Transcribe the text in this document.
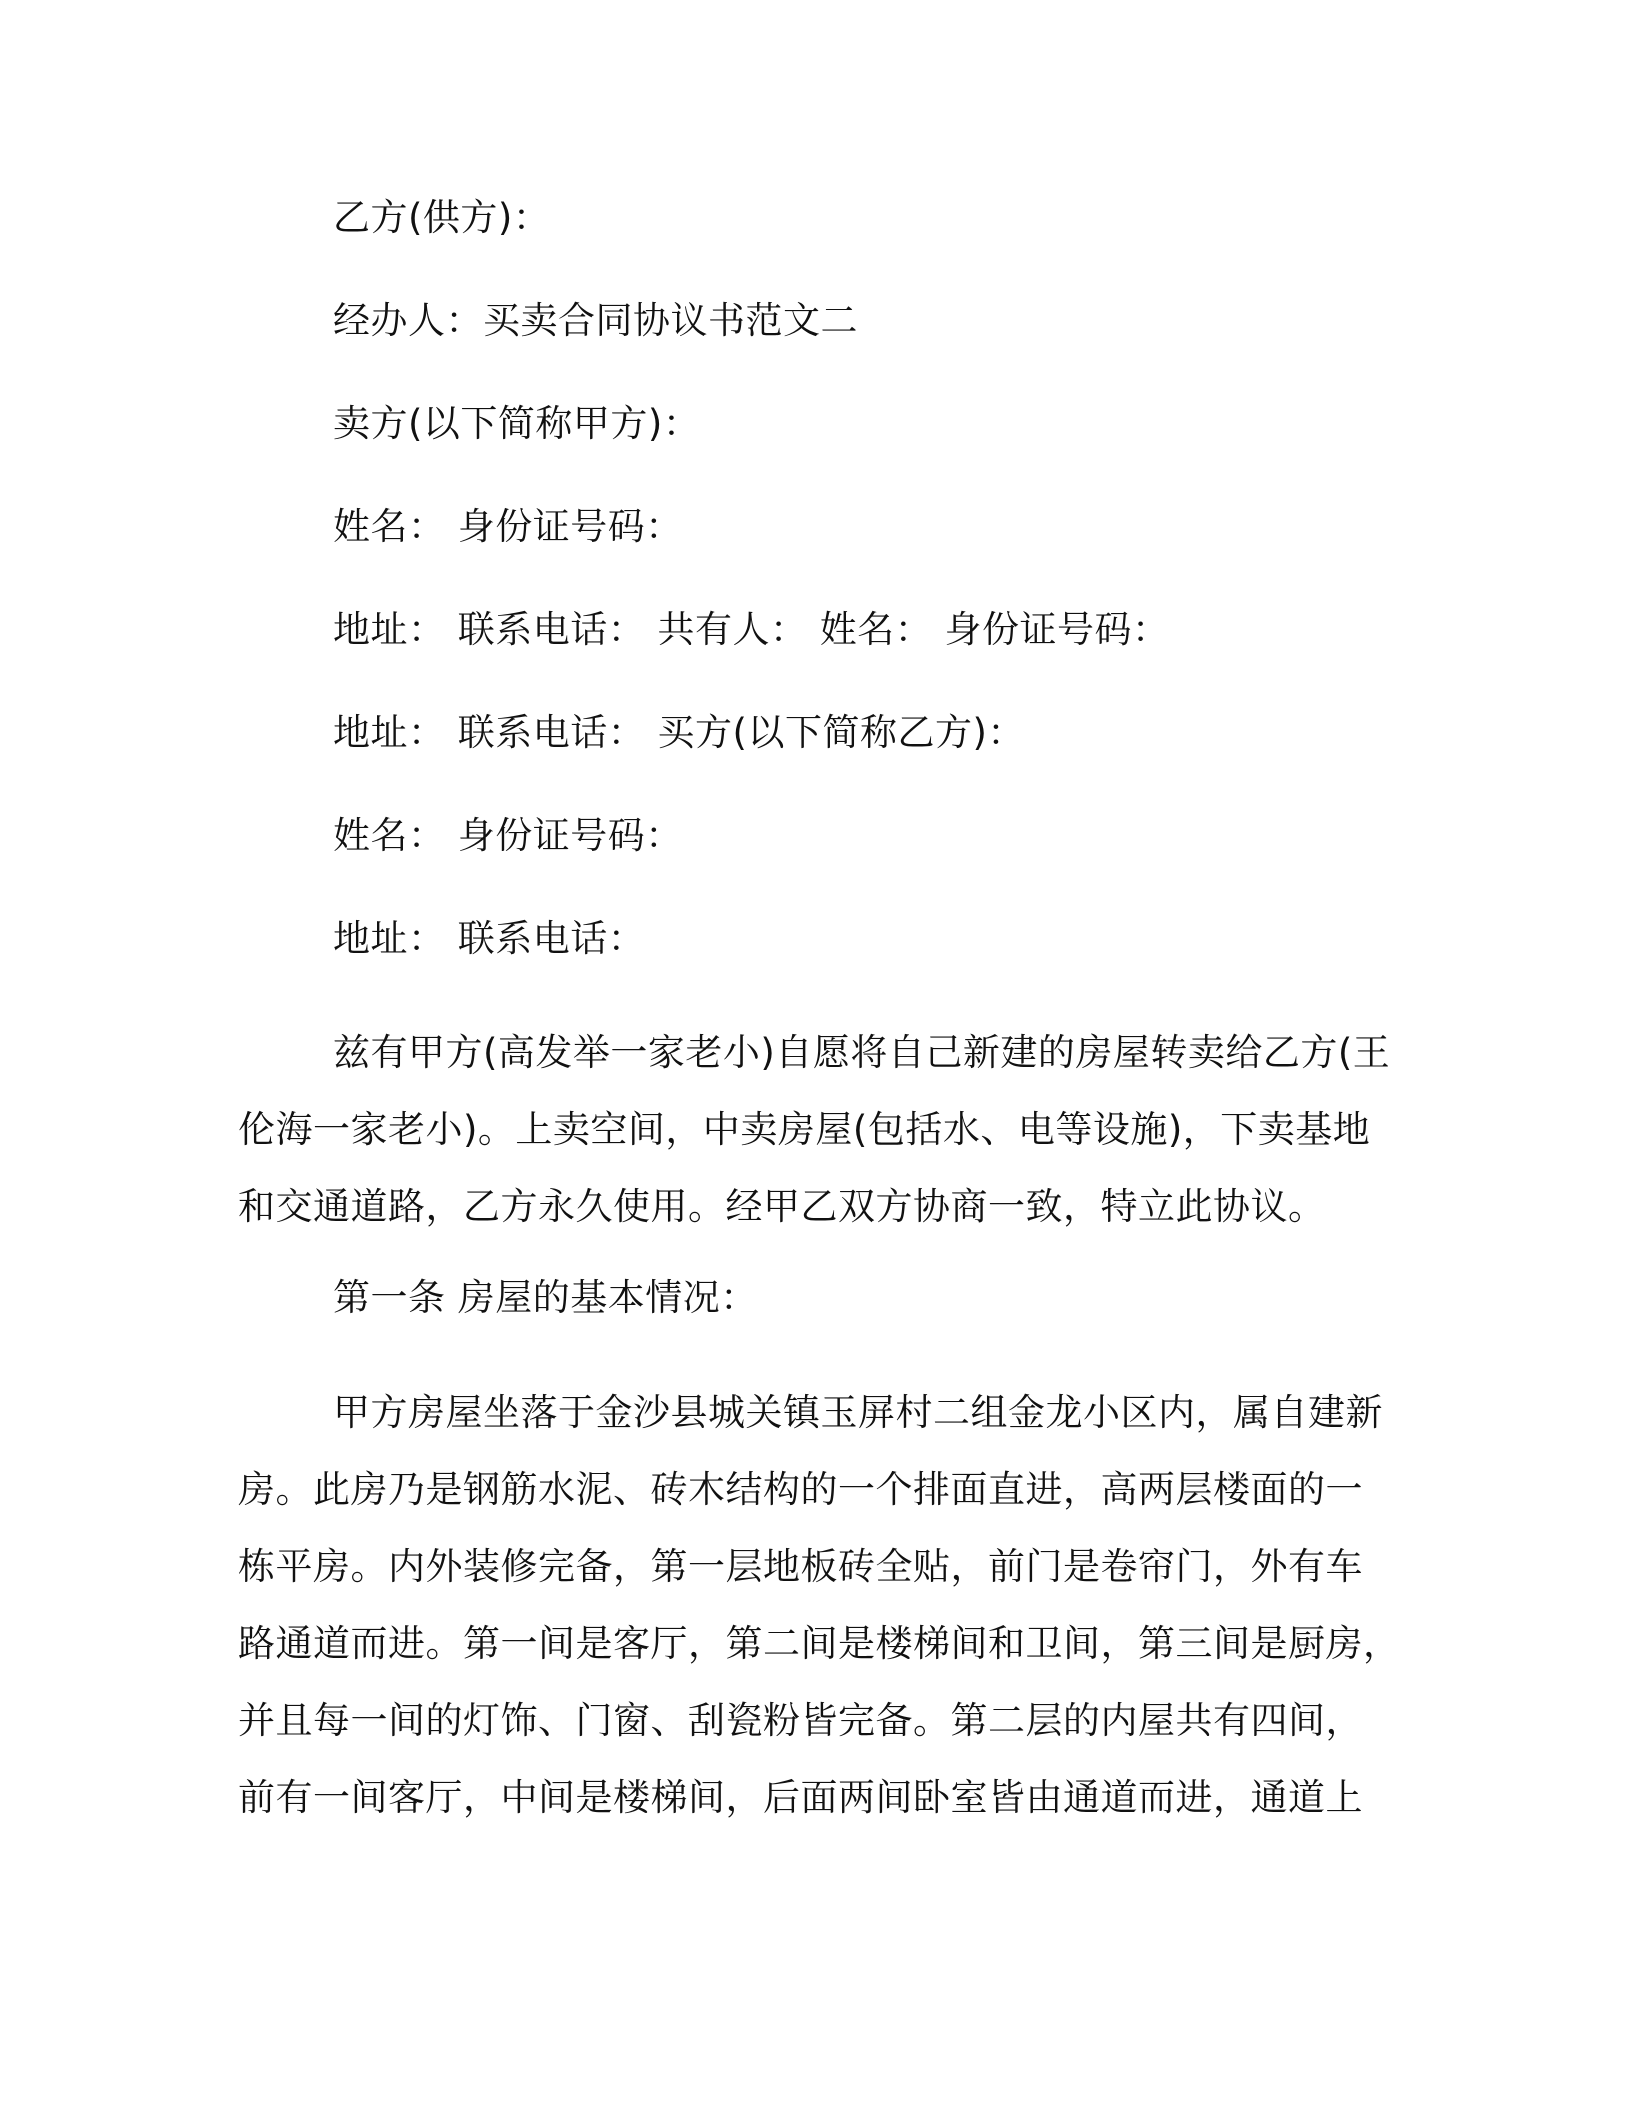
乙方(供方)：
经办人：买卖合同协议书范文二
卖方(以下简称甲方)：
姓名： 身份证号码：
地址： 联系电话： 共有人： 姓名： 身份证号码：
地址： 联系电话： 买方(以下简称乙方)：
姓名： 身份证号码：
地址： 联系电话：
兹有甲方(高发举一家老小)自愿将自己新建的房屋转卖给乙方(王
伦海一家老小)。上卖空间，中卖房屋(包括水、电等设施)，下卖基地
和交通道路，乙方永久使用。经甲乙双方协商一致，特立此协议。
第一条 房屋的基本情况：
甲方房屋坐落于金沙县城关镇玉屏村二组金龙小区内，属自建新
房。此房乃是钢筋水泥、砖木结构的一个排面直进，高两层楼面的一
栋平房。内外装修完备，第一层地板砖全贴，前门是卷帘门，外有车
路通道而进。第一间是客厅，第二间是楼梯间和卫间，第三间是厨房，
并且每一间的灯饰、门窗、刮瓷粉皆完备。第二层的内屋共有四间，
前有一间客厅，中间是楼梯间，后面两间卧室皆由通道而进，通道上
